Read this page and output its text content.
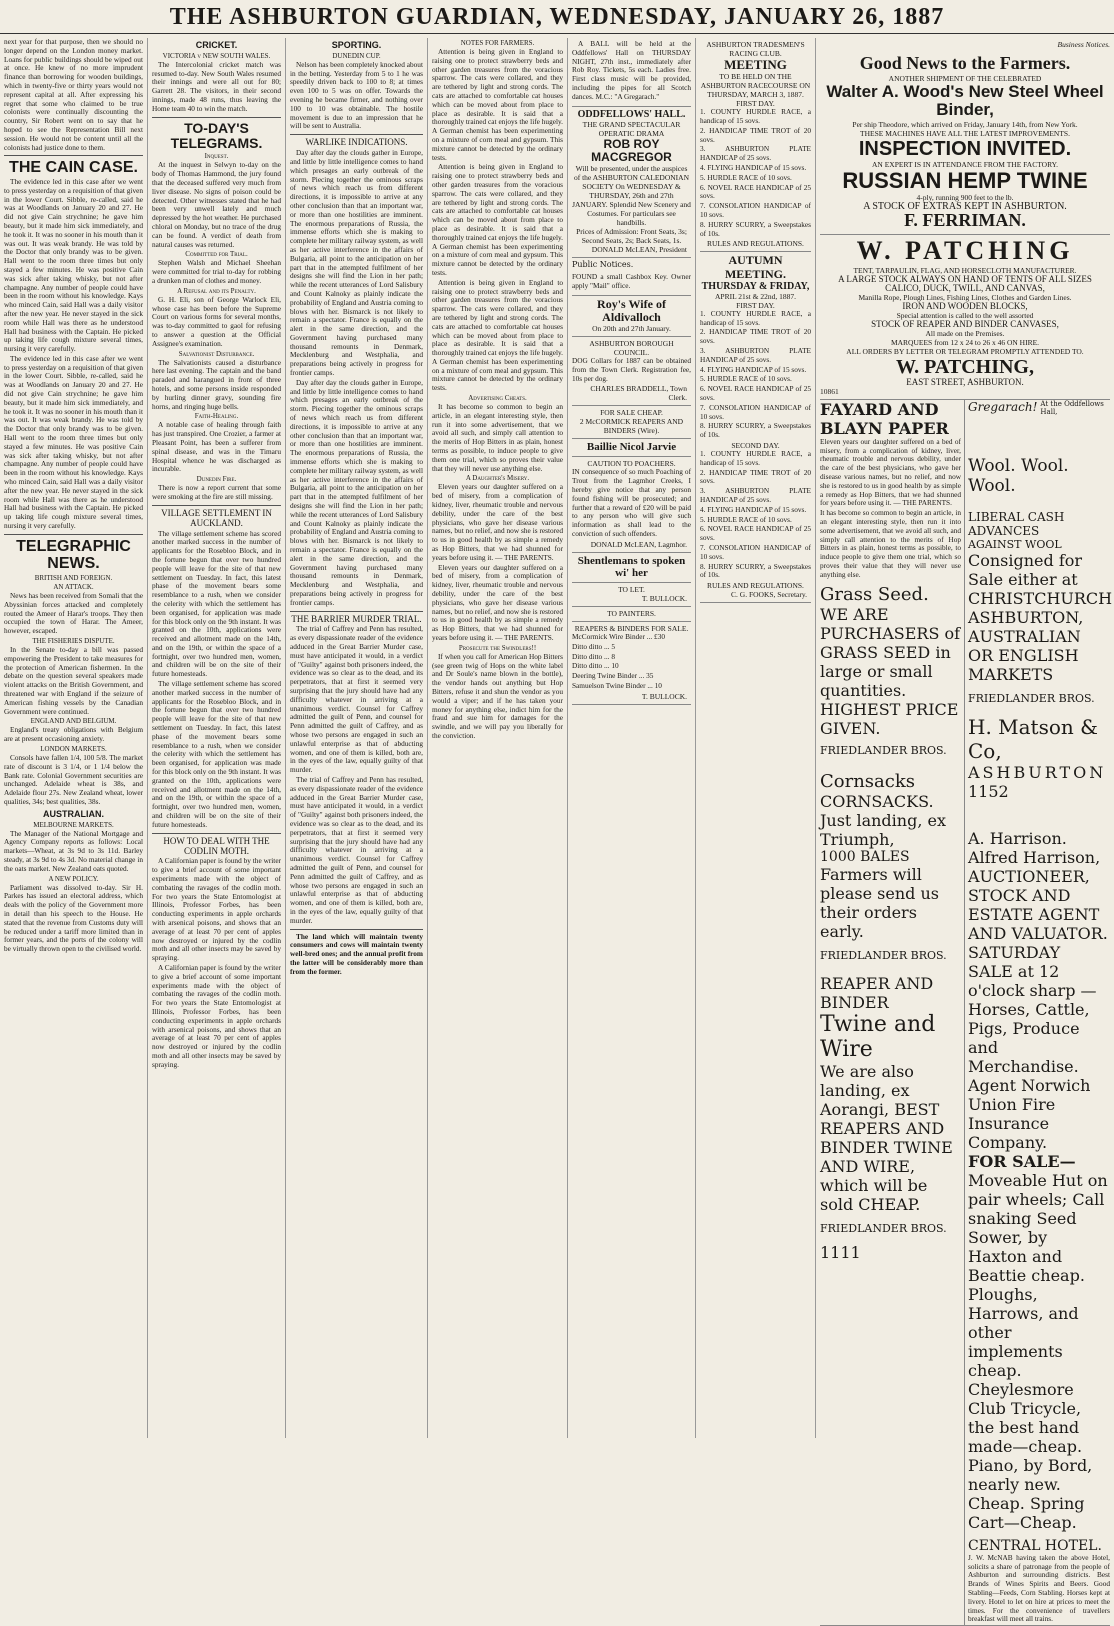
THE ASHBURTON GUARDIAN, WEDNESDAY, JANUARY 26, 1887

next year for that purpose, then we should no longer depend on the London money market. Loans for public buildings should be wiped out at once. He knew of no more imprudent finance than borrowing for wooden buildings, which in twenty-five or thirty years would not represent capital at all. After expressing his regret that some who claimed to be true colonists were continually discounting the country, Sir Robert went on to say that he hoped to see the Representation Bill next session. He would not be content until all the colonists had justice done to them.

THE CAIN CASE.

The evidence led in this case after we went to press yesterday on a requisition of that given in the lower Court. Sibble, re-called, said he was at Woodlands on January 20 and 27. He did not give Cain strychnine; he gave him beauty, but it made him sick immediately, and he took it. It was no sooner in his mouth than it was out. It was weak brandy. He was told by the Doctor that only brandy was to be given. Hall went to the room three times but only stayed a few minutes. He was positive Cain was sick after taking whisky, but not after champagne. Any number of people could have been in the room without his knowledge. Kays who minced Cain, said Hall was a daily visitor after the new year. He never stayed in the sick room while Hall was there as he understood Hall had business with the Captain. He picked up taking life cough mixture several times, nursing it very carefully.

The evidence led in this case after we went to press yesterday on a requisition of that given in the lower Court. Sibble, re-called, said he was at Woodlands on January 20 and 27. He did not give Cain strychnine; he gave him beauty, but it made him sick immediately, and he took it. It was no sooner in his mouth than it was out. It was weak brandy. He was told by the Doctor that only brandy was to be given. Hall went to the room three times but only stayed a few minutes. He was positive Cain was sick after taking whisky, but not after champagne. Any number of people could have been in the room without his knowledge. Kays who minced Cain, said Hall was a daily visitor after the new year. He never stayed in the sick room while Hall was there as he understood Hall had business with the Captain. He picked up taking life cough mixture several times, nursing it very carefully.

TELEGRAPHIC NEWS.
BRITISH AND FOREIGN.
AN ATTACK.

News has been received from Somali that the Abyssinian forces attacked and completely routed the Ameer of Harar's troops. They then occupied the town of Harar. The Ameer, however, escaped.

THE FISHERIES DISPUTE.

In the Senate to-day a bill was passed empowering the President to take measures for the protection of American fishermen. In the debate on the question several speakers made violent attacks on the British Government, and threatened war with England if the seizure of American fishing vessels by the Canadian Government were continued.

ENGLAND AND BELGIUM.

England's treaty obligations with Belgium are at present occasioning anxiety.

LONDON MARKETS.

Consols have fallen 1/4, 100 5/8. The market rate of discount is 3 1/4, or 1 1/4 below the Bank rate. Colonial Government securities are unchanged. Adelaide wheat is 38s, and Adelaide flour 27s. New Zealand wheat, lower qualities, 34s; best qualities, 38s.

AUSTRALIAN.
MELBOURNE MARKETS.

The Manager of the National Mortgage and Agency Company reports as follows: Local markets—Wheat, at 3s 9d to 3s 11d. Barley steady, at 3s 9d to 4s 3d. No material change in the oats market. New Zealand oats quoted.

A NEW POLICY.

Parliament was dissolved to-day. Sir H. Parkes has issued an electoral address, which deals with the policy of the Government more in detail than his speech to the House. He stated that the revenue from Customs duty will be reduced under a tariff more limited than in former years, and the ports of the colony will be virtually thrown open to the civilised world.

CRICKET.
VICTORIA v NEW SOUTH WALES.

The Intercolonial cricket match was resumed to-day. New South Wales resumed their innings and were all out for 80; Garrett 28. The visitors, in their second innings, made 48 runs, thus leaving the Home team 40 to win the match.

TO-DAY'S TELEGRAMS.
Inquest.

At the inquest in Selwyn to-day on the body of Thomas Hammond, the jury found that the deceased suffered very much from liver disease. No signs of poison could be detected. Other witnesses stated that he had been very unwell lately and much depressed by the hot weather. He purchased chloral on Monday, but no trace of the drug can be found. A verdict of death from natural causes was returned.

Committed for Trial.

Stephen Walsh and Michael Sheehan were committed for trial to-day for robbing a drunken man of clothes and money.

A Refusal and its Penalty.

G. H. Eli, son of George Warlock Eli, whose case has been before the Supreme Court on various forms for several months, was to-day committed to gaol for refusing to answer a question at the Official Assignee's examination.

Salvationist Disturbance.

The Salvationists caused a disturbance here last evening. The captain and the band paraded and harangued in front of three hotels, and some persons inside responded by hurling dinner gravy, sounding fire horns, and ringing huge bells.

Faith-Healing.

A notable case of healing through faith has just transpired. One Crozier, a farmer at Pleasant Point, has been a sufferer from spinal disease, and was in the Timaru Hospital whence he was discharged as incurable.

Dunedin Fire.

There is now a report current that some were smoking at the fire are still missing.

VILLAGE SETTLEMENT IN AUCKLAND.

The village settlement scheme has scored another marked success in the number of applicants for the Rosebloo Block, and in the fortune begun that over two hundred people will leave for the site of that new settlement on Tuesday. In fact, this latest phase of the movement bears some resemblance to a rush, when we consider the celerity with which the settlement has been organised, for application was made for this block only on the 9th instant. It was granted on the 10th, applications were received and allotment made on the 14th, and on the 19th, or within the space of a fortnight, over two hundred men, women, and children will be on the site of their future homesteads.

The village settlement scheme has scored another marked success in the number of applicants for the Rosebloo Block, and in the fortune begun that over two hundred people will leave for the site of that new settlement on Tuesday. In fact, this latest phase of the movement bears some resemblance to a rush, when we consider the celerity with which the settlement has been organised, for application was made for this block only on the 9th instant. It was granted on the 10th, applications were received and allotment made on the 14th, and on the 19th, or within the space of a fortnight, over two hundred men, women, and children will be on the site of their future homesteads.

HOW TO DEAL WITH THE CODLIN MOTH.

A Californian paper is found by the writer to give a brief account of some important experiments made with the object of combating the ravages of the codlin moth. For two years the State Entomologist at Illinois, Professor Forbes, has been conducting experiments in apple orchards with arsenical poisons, and shows that an average of at least 70 per cent of apples now destroyed or injured by the codlin moth and all other insects may be saved by spraying.

A Californian paper is found by the writer to give a brief account of some important experiments made with the object of combating the ravages of the codlin moth. For two years the State Entomologist at Illinois, Professor Forbes, has been conducting experiments in apple orchards with arsenical poisons, and shows that an average of at least 70 per cent of apples now destroyed or injured by the codlin moth and all other insects may be saved by spraying.

SPORTING.
DUNEDIN CUP.

Nelson has been completely knocked about in the betting. Yesterday from 5 to 1 he was speedily driven back to 100 to 8; at times even 100 to 5 was on offer. Towards the evening he became firmer, and nothing over 100 to 10 was obtainable. The hostile movement is due to an impression that he will be sent to Australia.

WARLIKE INDICATIONS.

Day after day the clouds gather in Europe, and little by little intelligence comes to hand which presages an early outbreak of the storm. Piecing together the ominous scraps of news which reach us from different directions, it is impossible to arrive at any other conclusion than that an important war, or more than one hostilities are imminent. The enormous preparations of Russia, the immense efforts which she is making to complete her military railway system, as well as her active interference in the affairs of Bulgaria, all point to the anticipation on her part that in the attempted fulfilment of her designs she will find the Lion in her path; while the recent utterances of Lord Salisbury and Count Kalnoky as plainly indicate the probability of England and Austria coming to blows with her. Bismarck is not likely to remain a spectator. France is equally on the alert in the same direction, and the Government having purchased many thousand remounts in Denmark, Mecklenburg and Westphalia, and preparations being actively in progress for frontier camps.

Day after day the clouds gather in Europe, and little by little intelligence comes to hand which presages an early outbreak of the storm. Piecing together the ominous scraps of news which reach us from different directions, it is impossible to arrive at any other conclusion than that an important war, or more than one hostilities are imminent. The enormous preparations of Russia, the immense efforts which she is making to complete her military railway system, as well as her active interference in the affairs of Bulgaria, all point to the anticipation on her part that in the attempted fulfilment of her designs she will find the Lion in her path; while the recent utterances of Lord Salisbury and Count Kalnoky as plainly indicate the probability of England and Austria coming to blows with her. Bismarck is not likely to remain a spectator. France is equally on the alert in the same direction, and the Government having purchased many thousand remounts in Denmark, Mecklenburg and Westphalia, and preparations being actively in progress for frontier camps.

THE BARRIER MURDER TRIAL.

The trial of Caffrey and Penn has resulted, as every dispassionate reader of the evidence adduced in the Great Barrier Murder case, must have anticipated it would, in a verdict of "Guilty" against both prisoners indeed, the evidence was so clear as to the dead, and its perpetrators, that at first it seemed very surprising that the jury should have had any difficulty whatever in arriving at a unanimous verdict. Counsel for Caffrey admitted the guilt of Penn, and counsel for Penn admitted the guilt of Caffrey, and as whose two persons are engaged in such an unlawful enterprise as that of abducting women, and one of them is killed, both are, in the eyes of the law, equally guilty of that murder.

The trial of Caffrey and Penn has resulted, as every dispassionate reader of the evidence adduced in the Great Barrier Murder case, must have anticipated it would, in a verdict of "Guilty" against both prisoners indeed, the evidence was so clear as to the dead, and its perpetrators, that at first it seemed very surprising that the jury should have had any difficulty whatever in arriving at a unanimous verdict. Counsel for Caffrey admitted the guilt of Penn, and counsel for Penn admitted the guilt of Caffrey, and as whose two persons are engaged in such an unlawful enterprise as that of abducting women, and one of them is killed, both are, in the eyes of the law, equally guilty of that murder.

The land which will maintain twenty consumers and cows will maintain twenty well-bred ones; and the annual profit from the latter will be considerably more than from the former.

NOTES FOR FARMERS.

Attention is being given in England to raising one to protect strawberry beds and other garden treasures from the voracious sparrow. The cats were collared, and they are tethered by light and strong cords. The cats are attached to comfortable cat houses which can be moved about from place to place as desirable. It is said that a thoroughly trained cat enjoys the life hugely. A German chemist has been experimenting on a mixture of corn meal and gypsum. This mixture cannot be detected by the ordinary tests.

Attention is being given in England to raising one to protect strawberry beds and other garden treasures from the voracious sparrow. The cats were collared, and they are tethered by light and strong cords. The cats are attached to comfortable cat houses which can be moved about from place to place as desirable. It is said that a thoroughly trained cat enjoys the life hugely. A German chemist has been experimenting on a mixture of corn meal and gypsum. This mixture cannot be detected by the ordinary tests.

Attention is being given in England to raising one to protect strawberry beds and other garden treasures from the voracious sparrow. The cats were collared, and they are tethered by light and strong cords. The cats are attached to comfortable cat houses which can be moved about from place to place as desirable. It is said that a thoroughly trained cat enjoys the life hugely. A German chemist has been experimenting on a mixture of corn meal and gypsum. This mixture cannot be detected by the ordinary tests.

Advertising Cheats.

It has become so common to begin an article, in an elegant interesting style, then run it into some advertisement, that we avoid all such, and simply call attention to the merits of Hop Bitters in as plain, honest terms as possible, to induce people to give them one trial, which so proves their value that they will never use anything else.

A Daughter's Misery.

Eleven years our daughter suffered on a bed of misery, from a complication of kidney, liver, rheumatic trouble and nervous debility, under the care of the best physicians, who gave her disease various names, but no relief, and now she is restored to us in good health by as simple a remedy as Hop Bitters, that we had shunned for years before using it. — THE PARENTS.

Eleven years our daughter suffered on a bed of misery, from a complication of kidney, liver, rheumatic trouble and nervous debility, under the care of the best physicians, who gave her disease various names, but no relief, and now she is restored to us in good health by as simple a remedy as Hop Bitters, that we had shunned for years before using it. — THE PARENTS.

Prosecute the Swindlers!!

If when you call for American Hop Bitters (see green twig of Hops on the white label and Dr Soule's name blown in the bottle), the vendor hands out anything but Hop Bitters, refuse it and shun the vendor as you would a viper; and if he has taken your money for anything else, indict him for the fraud and sue him for damages for the swindle, and we will pay you liberally for the conviction.

A BALL will be held at the Oddfellows' Hall on THURSDAY NIGHT, 27th inst., immediately after Rob Roy. Tickets, 5s each. Ladies free. First class music will be provided, including the pipes for all Scotch dances. M.C.: "A Gregarach."

ODDFELLOWS' HALL.
THE GRAND SPECTACULAR OPERATIC DRAMA
ROB ROY MACGREGOR
Will be presented, under the auspices of the ASHBURTON CALEDONIAN SOCIETY On WEDNESDAY & THURSDAY, 26th and 27th JANUARY. Splendid New Scenery and Costumes. For particulars see handbills.
Prices of Admission: Front Seats, 3s; Second Seats, 2s; Back Seats, 1s.
DONALD McLEAN, President
Public Notices.

FOUND a small Cashbox Key. Owner apply "Mail" office.

Roy's Wife of Aldivalloch
On 20th and 27th January.
ASHBURTON BOROUGH COUNCIL.

DOG Collars for 1887 can be obtained from the Town Clerk. Registration fee, 10s per dog.

CHARLES BRADDELL, Town Clerk.
FOR SALE CHEAP.
2 McCORMICK REAPERS AND BINDERS (Wire).
Baillie Nicol Jarvie
CAUTION TO POACHERS.

IN consequence of so much Poaching of Trout from the Lagmhor Creeks, I hereby give notice that any person found fishing will be prosecuted; and further that a reward of £20 will be paid to any person who will give such information as shall lead to the conviction of such offenders.

DONALD McLEAN, Lagmhor.
Shentlemans to spoken wi' her
TO LET.
T. BULLOCK.
TO PAINTERS.
REAPERS & BINDERS FOR SALE.

McCormick Wire Binder ... £30

Ditto ditto ... 5

Ditto ditto ... 8

Ditto ditto ... 10

Deering Twine Binder ... 35

Samuelson Twine Binder ... 10

T. BULLOCK.
ASHBURTON TRADESMEN'S RACING CLUB.
MEETING
TO BE HELD ON THE ASHBURTON RACECOURSE ON THURSDAY, MARCH 3, 1887.
FIRST DAY.

1. COUNTY HURDLE RACE, a handicap of 15 sovs.

2. HANDICAP TIME TROT of 20 sovs.

3. ASHBURTON PLATE HANDICAP of 25 sovs.

4. FLYING HANDICAP of 15 sovs.

5. HURDLE RACE of 10 sovs.

6. NOVEL RACE HANDICAP of 25 sovs.

7. CONSOLATION HANDICAP of 10 sovs.

8. HURRY SCURRY, a Sweepstakes of 10s.

RULES AND REGULATIONS.
AUTUMN MEETING.
THURSDAY & FRIDAY,
APRIL 21st & 22nd, 1887.
FIRST DAY.

1. COUNTY HURDLE RACE, a handicap of 15 sovs.

2. HANDICAP TIME TROT of 20 sovs.

3. ASHBURTON PLATE HANDICAP of 25 sovs.

4. FLYING HANDICAP of 15 sovs.

5. HURDLE RACE of 10 sovs.

6. NOVEL RACE HANDICAP of 25 sovs.

7. CONSOLATION HANDICAP of 10 sovs.

8. HURRY SCURRY, a Sweepstakes of 10s.

SECOND DAY.

1. COUNTY HURDLE RACE, a handicap of 15 sovs.

2. HANDICAP TIME TROT of 20 sovs.

3. ASHBURTON PLATE HANDICAP of 25 sovs.

4. FLYING HANDICAP of 15 sovs.

5. HURDLE RACE of 10 sovs.

6. NOVEL RACE HANDICAP of 25 sovs.

7. CONSOLATION HANDICAP of 10 sovs.

8. HURRY SCURRY, a Sweepstakes of 10s.

RULES AND REGULATIONS.
C. G. FOOKS, Secretary.
Business Notices.
Good News to the Farmers.
ANOTHER SHIPMENT OF THE CELEBRATED
Walter A. Wood's New Steel Wheel Binder,
Per ship Theodore, which arrived on Friday, January 14th, from New York.
THESE MACHINES HAVE ALL THE LATEST IMPROVEMENTS.
INSPECTION INVITED.
AN EXPERT IS IN ATTENDANCE FROM THE FACTORY.
RUSSIAN HEMP TWINE
4-ply, running 900 feet to the lb.
A STOCK OF EXTRAS KEPT IN ASHBURTON.
F. FERRIMAN.
W. PATCHING
TENT, TARPAULIN, FLAG, AND HORSECLOTH MANUFACTURER.
A LARGE STOCK ALWAYS ON HAND OF TENTS OF ALL SIZES CALICO, DUCK, TWILL, AND CANVAS,
Manilla Rope, Plough Lines, Fishing Lines, Clothes and Garden Lines.
IRON AND WOODEN BLOCKS,
Special attention is called to the well assorted
STOCK OF REAPER AND BINDER CANVASES,
All made on the Premises.
MARQUEES from 12 x 24 to 26 x 46 ON HIRE.
ALL ORDERS BY LETTER OR TELEGRAM PROMPTLY ATTENDED TO.
W. PATCHING,
EAST STREET, ASHBURTON.
10861
FAYARD AND BLAYN PAPER

Eleven years our daughter suffered on a bed of misery, from a complication of kidney, liver, rheumatic trouble and nervous debility, under the care of the best physicians, who gave her disease various names, but no relief, and now she is restored to us in good health by as simple a remedy as Hop Bitters, that we had shunned for years before using it. — THE PARENTS.

It has become so common to begin an article, in an elegant interesting style, then run it into some advertisement, that we avoid all such, and simply call attention to the merits of Hop Bitters in as plain, honest terms as possible, to induce people to give them one trial, which so proves their value that they will never use anything else.

Grass Seed.
WE ARE PURCHASERS of GRASS SEED in large or small quantities. HIGHEST PRICE GIVEN.
FRIEDLANDER BROS.
Cornsacks
CORNSACKS.
Just landing, ex Triumph,
1000 BALES
Farmers will please send us their orders early.
FRIEDLANDER BROS.
REAPER AND BINDER
Twine and Wire
We are also landing, ex Aorangi, BEST REAPERS AND BINDER TWINE AND WIRE, which will be sold CHEAP.
FRIEDLANDER BROS.
1111
Gregarach! At the Oddfellows Hall,
Wool. Wool. Wool.
LIBERAL CASH ADVANCES
AGAINST WOOL
Consigned for Sale either at
CHRISTCHURCH
ASHBURTON,
AUSTRALIAN
OR ENGLISH MARKETS
FRIEDLANDER BROS.
H. Matson & Co,
ASHBURTON
1152
A. Harrison.
Alfred Harrison,
AUCTIONEER, STOCK AND ESTATE AGENT AND VALUATOR.
SATURDAY SALE at 12 o'clock sharp —Horses, Cattle, Pigs, Produce and Merchandise.
Agent Norwich Union Fire Insurance Company.
FOR SALE—
Moveable Hut on pair wheels; Call snaking Seed Sower, by Haxton and Beattie cheap. Ploughs, Harrows, and other implements cheap. Cheylesmore Club Tricycle, the best hand made—cheap. Piano, by Bord, nearly new. Cheap. Spring Cart—Cheap.
CENTRAL HOTEL.

J. W. McNAB having taken the above Hotel, solicits a share of patronage from the people of Ashburton and surrounding districts. Best Brands of Wines Spirits and Beers. Good Stabling—Feeds, Corn Stabling. Horses kept at livery. Hotel to let on hire at prices to meet the times. For the convenience of travellers breakfast will meet all trains.
